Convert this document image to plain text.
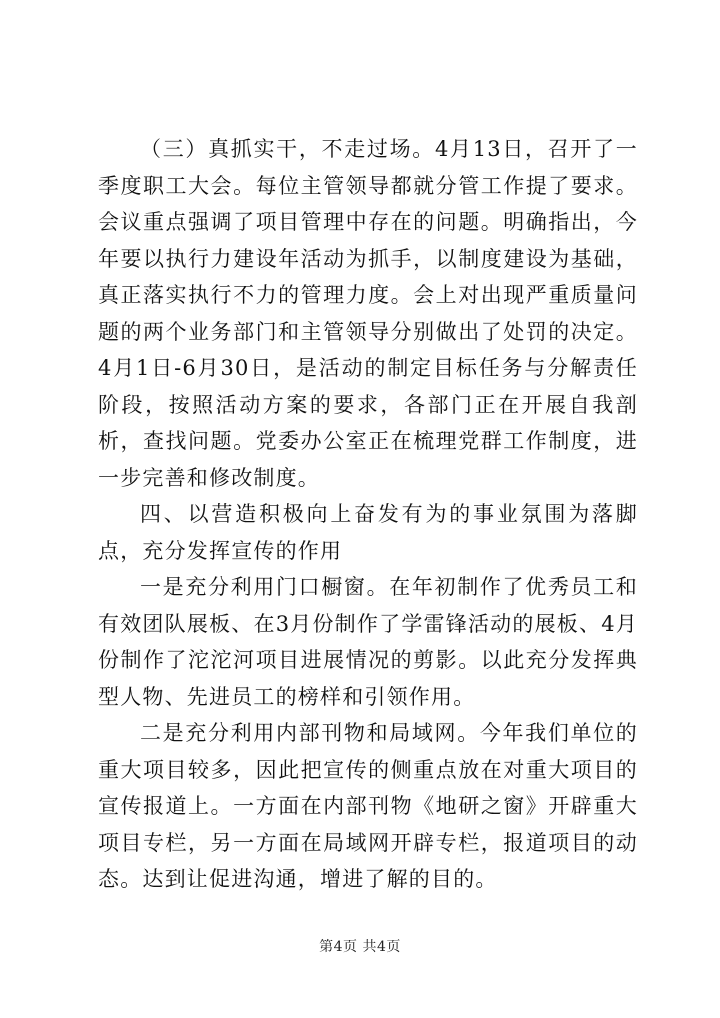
（三）真抓实干，不走过场。4月13日，召开了一季度职工大会。每位主管领导都就分管工作提了要求。会议重点强调了项目管理中存在的问题。明确指出，今年要以执行力建设年活动为抓手，以制度建设为基础，真正落实执行不力的管理力度。会上对出现严重质量问题的两个业务部门和主管领导分别做出了处罚的决定。4月1日-6月30日，是活动的制定目标任务与分解责任阶段，按照活动方案的要求，各部门正在开展自我剖析，查找问题。党委办公室正在梳理党群工作制度，进一步完善和修改制度。

四、以营造积极向上奋发有为的事业氛围为落脚点，充分发挥宣传的作用

一是充分利用门口橱窗。在年初制作了优秀员工和有效团队展板、在3月份制作了学雷锋活动的展板、4月份制作了沱沱河项目进展情况的剪影。以此充分发挥典型人物、先进员工的榜样和引领作用。

二是充分利用内部刊物和局域网。今年我们单位的重大项目较多，因此把宣传的侧重点放在对重大项目的宣传报道上。一方面在内部刊物《地研之窗》开辟重大项目专栏，另一方面在局域网开辟专栏，报道项目的动态。达到让促进沟通，增进了解的目的。

第4页 共4页
